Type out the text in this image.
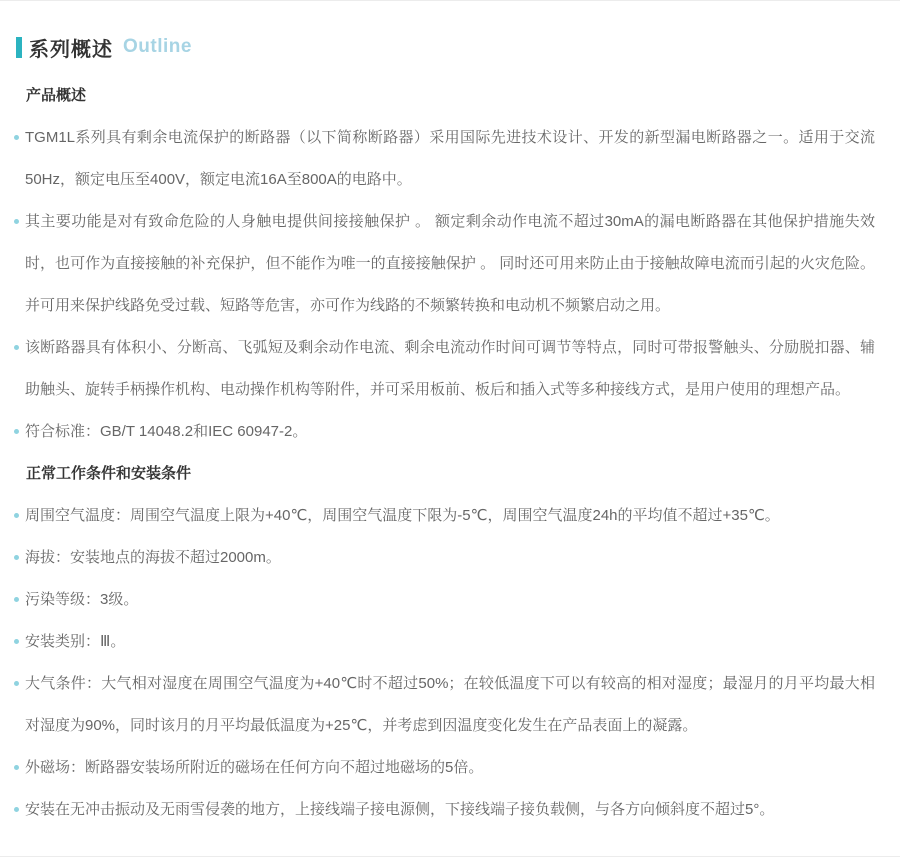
系列概述 Outline
产品概述
TGM1L系列具有剩余电流保护的断路器（以下简称断路器）采用国际先进技术设计、开发的新型漏电断路器之一。适用于交流50Hz，额定电压至400V，额定电流16A至800A的电路中。
其主要功能是对有致命危险的人身触电提供间接接触保护 。 额定剩余动作电流不超过30mA的漏电断路器在其他保护措施失效时，也可作为直接接触的补充保护，但不能作为唯一的直接接触保护 。 同时还可用来防止由于接触故障电流而引起的火灾危险。并可用来保护线路免受过载、短路等危害，亦可作为线路的不频繁转换和电动机不频繁启动之用。
该断路器具有体积小、分断高、飞弧短及剩余动作电流、剩余电流动作时间可调节等特点，同时可带报警触头、分励脱扣器、辅助触头、旋转手柄操作机构、电动操作机构等附件，并可采用板前、板后和插入式等多种接线方式，是用户使用的理想产品。
符合标准：GB/T 14048.2和IEC 60947-2。
正常工作条件和安装条件
周围空气温度：周围空气温度上限为+40℃，周围空气温度下限为-5℃，周围空气温度24h的平均值不超过+35℃。
海拔：安装地点的海拔不超过2000m。
污染等级：3级。
安装类别：Ⅲ。
大气条件：大气相对湿度在周围空气温度为+40℃时不超过50%；在较低温度下可以有较高的相对湿度；最湿月的月平均最大相对湿度为90%，同时该月的月平均最低温度为+25℃，并考虑到因温度变化发生在产品表面上的凝露。
外磁场：断路器安装场所附近的磁场在任何方向不超过地磁场的5倍。
安装在无冲击振动及无雨雪侵袭的地方，上接线端子接电源侧，下接线端子接负载侧，与各方向倾斜度不超过5°。
